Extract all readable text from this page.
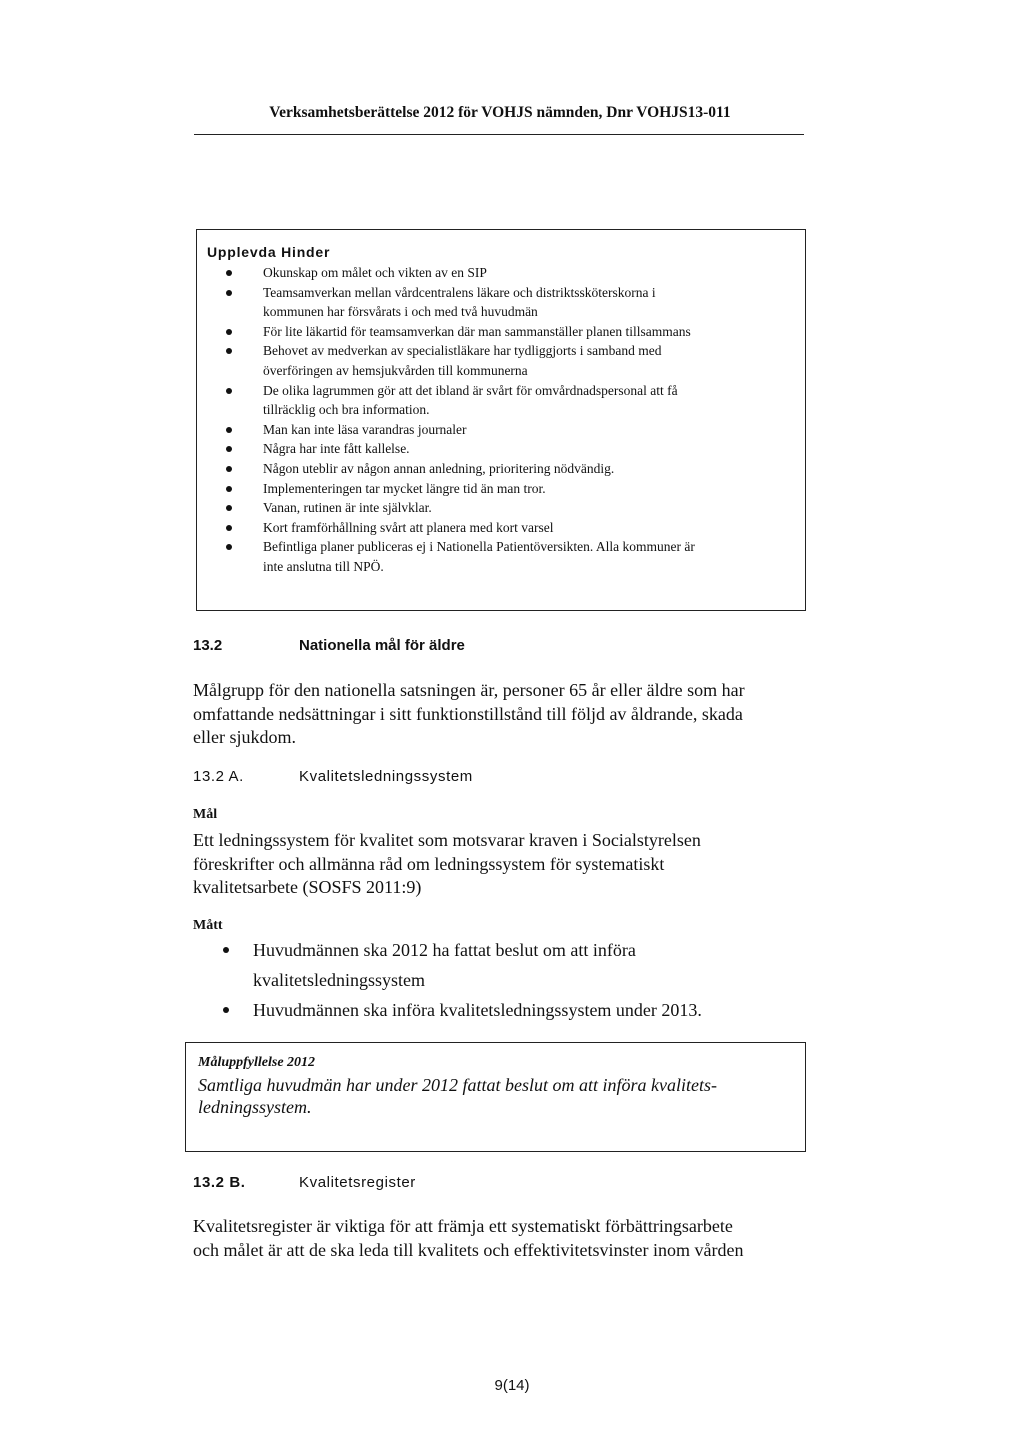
Verksamhetsberättelse 2012 för VOHJS nämnden, Dnr VOHJS13-011
Upplevda Hinder
Okunskap om målet och vikten av en SIP
Teamsamverkan mellan vårdcentralens läkare och distriktssköterskorna i
kommunen har försvårats i och med två huvudmän
För lite läkartid för teamsamverkan där man sammanställer planen tillsammans
Behovet av medverkan av specialistläkare har tydliggjorts i samband med
överföringen av hemsjukvården till kommunerna
De olika lagrummen gör att det ibland är svårt för omvårdnadspersonal att få
tillräcklig och bra information.
Man kan inte läsa varandras journaler
Några har inte fått kallelse.
Någon uteblir av någon annan anledning, prioritering nödvändig.
Implementeringen tar mycket längre tid än man tror.
Vanan, rutinen är inte självklar.
Kort framförhållning svårt att planera med kort varsel
Befintliga planer publiceras ej i Nationella Patientöversikten. Alla kommuner är
inte anslutna till NPÖ.
13.2	Nationella mål för äldre
Målgrupp för den nationella satsningen är, personer 65 år eller äldre som har
omfattande nedsättningar i sitt funktionstillstånd till följd av åldrande, skada
eller sjukdom.
13.2 A.	Kvalitetsledningssystem
Mål
Ett ledningssystem för kvalitet som motsvarar kraven i Socialstyrelsen
föreskrifter och allmänna råd om ledningssystem för systematiskt
kvalitetsarbete (SOSFS 2011:9)
Mått
Huvudmännen ska 2012 ha fattat beslut om att införa
kvalitetsledningssystem
Huvudmännen ska införa kvalitetsledningssystem under 2013.
Måluppfyllelse 2012
Samtliga huvudmän har under 2012 fattat beslut om att införa kvalitets-
ledningssystem.
13.2 B.	Kvalitetsregister
Kvalitetsregister är viktiga för att främja ett systematiskt förbättringsarbete
och målet är att de ska leda till kvalitets och effektivitetsvinster inom vården
9(14)
